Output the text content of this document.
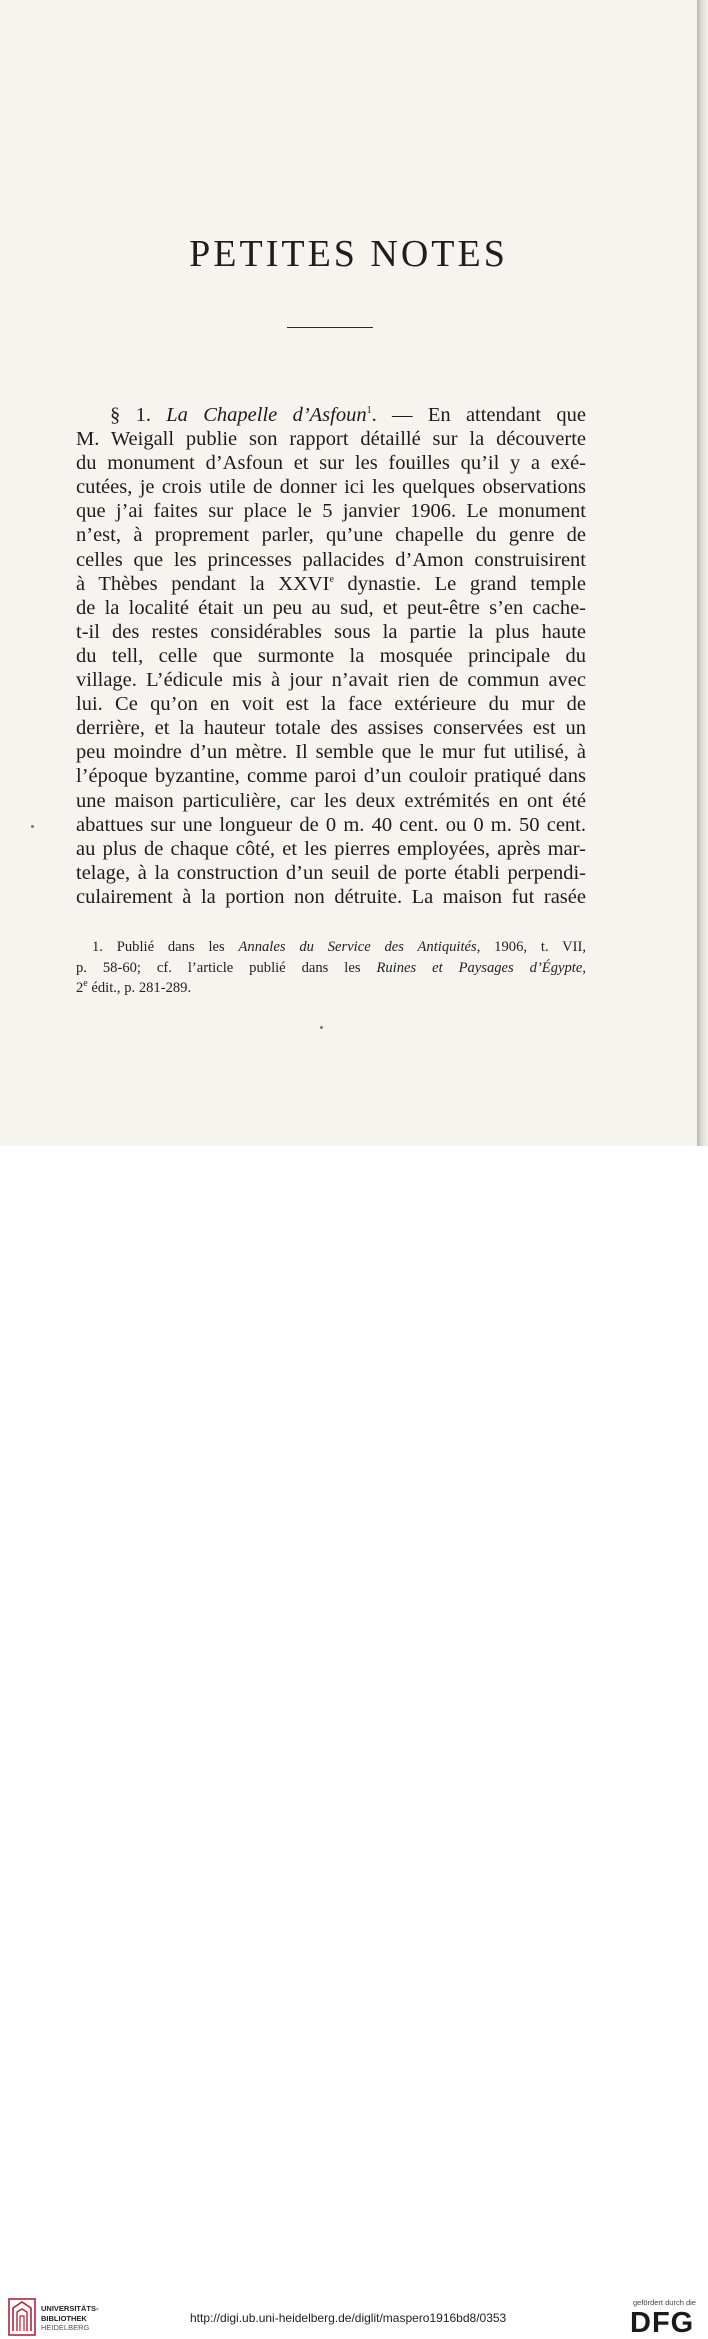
PETITES NOTES
§ 1. La Chapelle d’Asfoun$^1$. — En attendant que
M. Weigall publie son rapport détaillé sur la découverte
du monument d’Asfoun et sur les fouilles qu’il y a exé-
cutées, je crois utile de donner ici les quelques observations
que j’ai faites sur place le 5 janvier 1906. Le monument
n’est, à proprement parler, qu’une chapelle du genre de
celles que les princesses pallacides d’Amon construisirent
à Thèbes pendant la XXVIe dynastie. Le grand temple
de la localité était un peu au sud, et peut-être s’en cache-
t-il des restes considérables sous la partie la plus haute
du tell, celle que surmonte la mosquée principale du
village. L’édicule mis à jour n’avait rien de commun avec
lui. Ce qu’on en voit est la face extérieure du mur de
derrière, et la hauteur totale des assises conservées est un
peu moindre d’un mètre. Il semble que le mur fut utilisé, à
l’époque byzantine, comme paroi d’un couloir pratiqué dans
une maison particulière, car les deux extrémités en ont été
abattues sur une longueur de 0 m. 40 cent. ou 0 m. 50 cent.
au plus de chaque côté, et les pierres employées, après mar-
telage, à la construction d’un seuil de porte établi perpendi-
culairement à la portion non détruite. La maison fut rasée
1. Publié dans les Annales du Service des Antiquités, 1906, t. VII,
p. 58-60; cf. l’article publié dans les Ruines et Paysages d’Égypte,
2e édit., p. 281-289.
UNIVERSITÄTS-
BIBLIOTHEK
HEIDELBERG
http://digi.ub.uni-heidelberg.de/diglit/maspero1916bd8/0353
gefördert durch die
DFG
